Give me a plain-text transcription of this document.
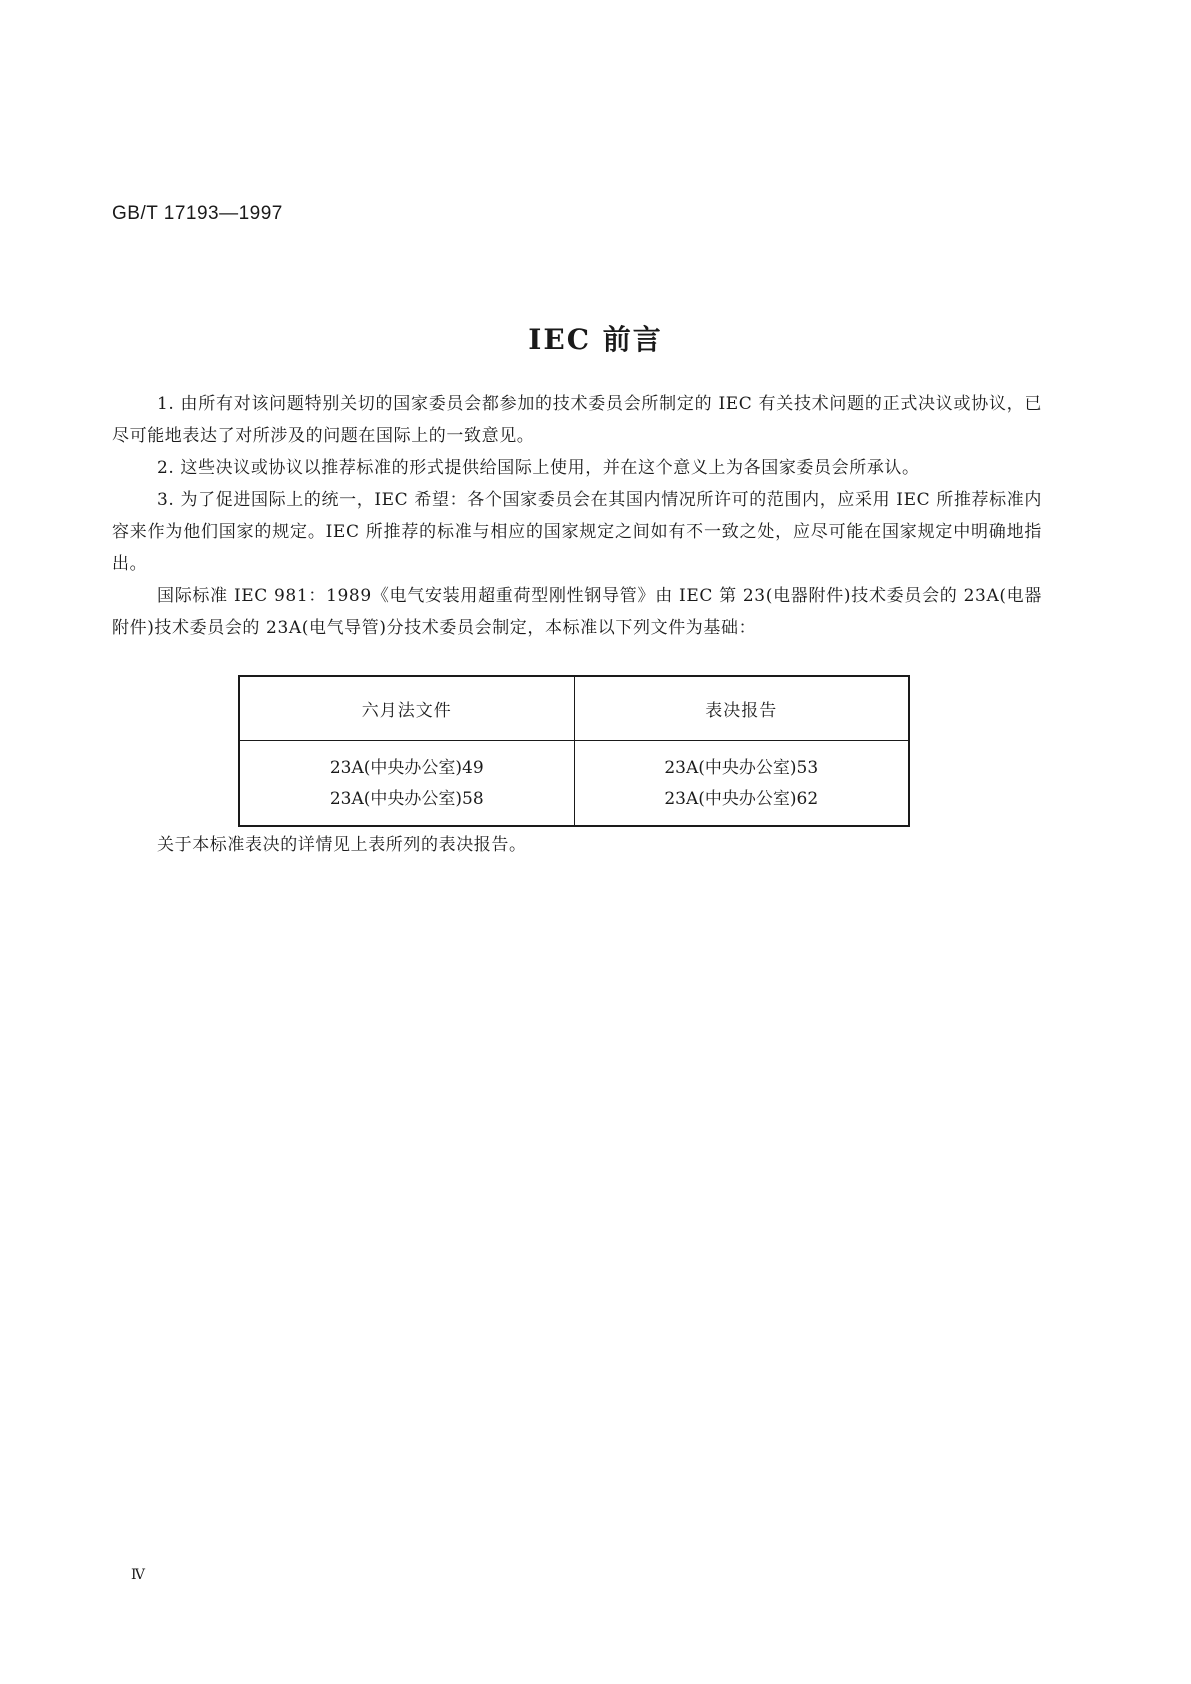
GB/T 17193—1997
IEC 前言

1. 由所有对该问题特别关切的国家委员会都参加的技术委员会所制定的 IEC 有关技术问题的正式决议或协议，已尽可能地表达了对所涉及的问题在国际上的一致意见。

2. 这些决议或协议以推荐标准的形式提供给国际上使用，并在这个意义上为各国家委员会所承认。

3. 为了促进国际上的统一，IEC 希望：各个国家委员会在其国内情况所许可的范围内，应采用 IEC 所推荐标准内容来作为他们国家的规定。IEC 所推荐的标准与相应的国家规定之间如有不一致之处，应尽可能在国家规定中明确地指出。

国际标准 IEC 981：1989《电气安装用超重荷型刚性钢导管》由 IEC 第 23(电器附件)技术委员会的 23A(电器附件)技术委员会的 23A(电气导管)分技术委员会制定，本标准以下列文件为基础：

六月法文件	表决报告
23A(中央办公室)49	23A(中央办公室)53
23A(中央办公室)58	23A(中央办公室)62

关于本标准表决的详情见上表所列的表决报告。

Ⅳ
